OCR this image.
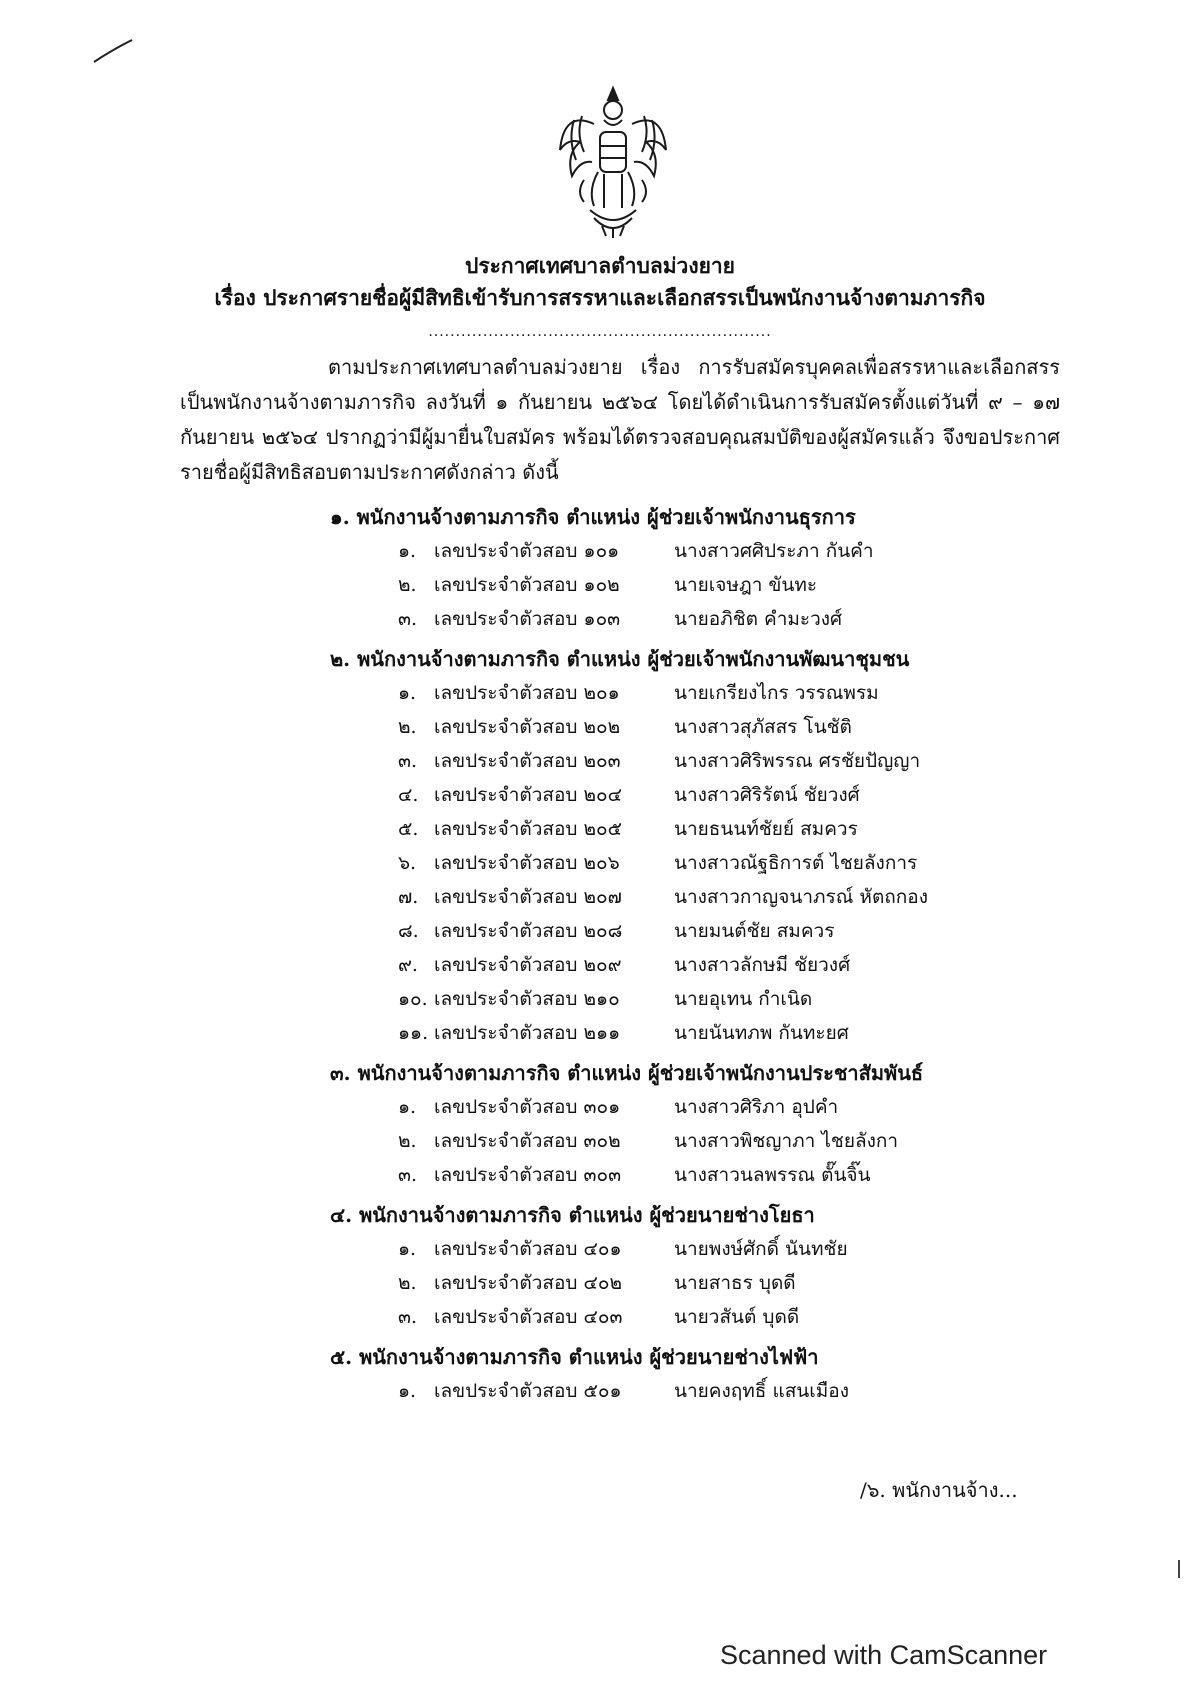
ประกาศเทศบาลตำบลม่วงยาย
เรื่อง ประกาศรายชื่อผู้มีสิทธิเข้ารับการสรรหาและเลือกสรรเป็นพนักงานจ้างตามภารกิจ
...............................................................
ตามประกาศเทศบาลตำบลม่วงยาย เรื่อง การรับสมัครบุคคลเพื่อสรรหาและเลือกสรรเป็นพนักงานจ้างตามภารกิจ ลงวันที่ ๑ กันยายน ๒๕๖๔ โดยได้ดำเนินการรับสมัครตั้งแต่วันที่ ๙ – ๑๗ กันยายน ๒๕๖๔ ปรากฏว่ามีผู้มายื่นใบสมัคร พร้อมได้ตรวจสอบคุณสมบัติของผู้สมัครแล้ว จึงขอประกาศรายชื่อผู้มีสิทธิสอบตามประกาศดังกล่าว ดังนี้
๑. พนักงานจ้างตามภารกิจ ตำแหน่ง ผู้ช่วยเจ้าพนักงานธุรการ
๑. เลขประจำตัวสอบ ๑๐๑	นางสาวศศิประภา กันคำ
๒. เลขประจำตัวสอบ ๑๐๒	นายเจษฎา ขันทะ
๓. เลขประจำตัวสอบ ๑๐๓	นายอภิชิต คำมะวงศ์
๒. พนักงานจ้างตามภารกิจ ตำแหน่ง ผู้ช่วยเจ้าพนักงานพัฒนาชุมชน
๑. เลขประจำตัวสอบ ๒๐๑	นายเกรียงไกร วรรณพรม
๒. เลขประจำตัวสอบ ๒๐๒	นางสาวสุภัสสร โนชัติ
๓. เลขประจำตัวสอบ ๒๐๓	นางสาวศิริพรรณ ศรชัยปัญญา
๔. เลขประจำตัวสอบ ๒๐๔	นางสาวศิริรัตน์ ชัยวงศ์
๕. เลขประจำตัวสอบ ๒๐๕	นายธนนท์ชัยย์ สมควร
๖. เลขประจำตัวสอบ ๒๐๖	นางสาวณัฐธิการต์ ไชยลังการ
๗. เลขประจำตัวสอบ ๒๐๗	นางสาวกาญจนาภรณ์ หัตถกอง
๘. เลขประจำตัวสอบ ๒๐๘	นายมนต์ชัย สมควร
๙. เลขประจำตัวสอบ ๒๐๙	นางสาวลักษมี ชัยวงศ์
๑๐. เลขประจำตัวสอบ ๒๑๐	นายอุเทน กำเนิด
๑๑. เลขประจำตัวสอบ ๒๑๑	นายนันทภพ กันทะยศ
๓. พนักงานจ้างตามภารกิจ ตำแหน่ง ผู้ช่วยเจ้าพนักงานประชาสัมพันธ์
๑. เลขประจำตัวสอบ ๓๐๑	นางสาวศิริภา อุปคำ
๒. เลขประจำตัวสอบ ๓๐๒	นางสาวพิชญาภา ไชยลังกา
๓. เลขประจำตัวสอบ ๓๐๓	นางสาวนลพรรณ ตั๊นจิ๊น
๔. พนักงานจ้างตามภารกิจ ตำแหน่ง ผู้ช่วยนายช่างโยธา
๑. เลขประจำตัวสอบ ๔๐๑	นายพงษ์ศักดิ์ นันทชัย
๒. เลขประจำตัวสอบ ๔๐๒	นายสาธร บุดดี
๓. เลขประจำตัวสอบ ๔๐๓	นายวสันต์ บุดดี
๕. พนักงานจ้างตามภารกิจ ตำแหน่ง ผู้ช่วยนายช่างไฟฟ้า
๑. เลขประจำตัวสอบ ๕๐๑	นายคงฤทธิ์ แสนเมือง
/๖. พนักงานจ้าง...
Scanned with CamScanner
